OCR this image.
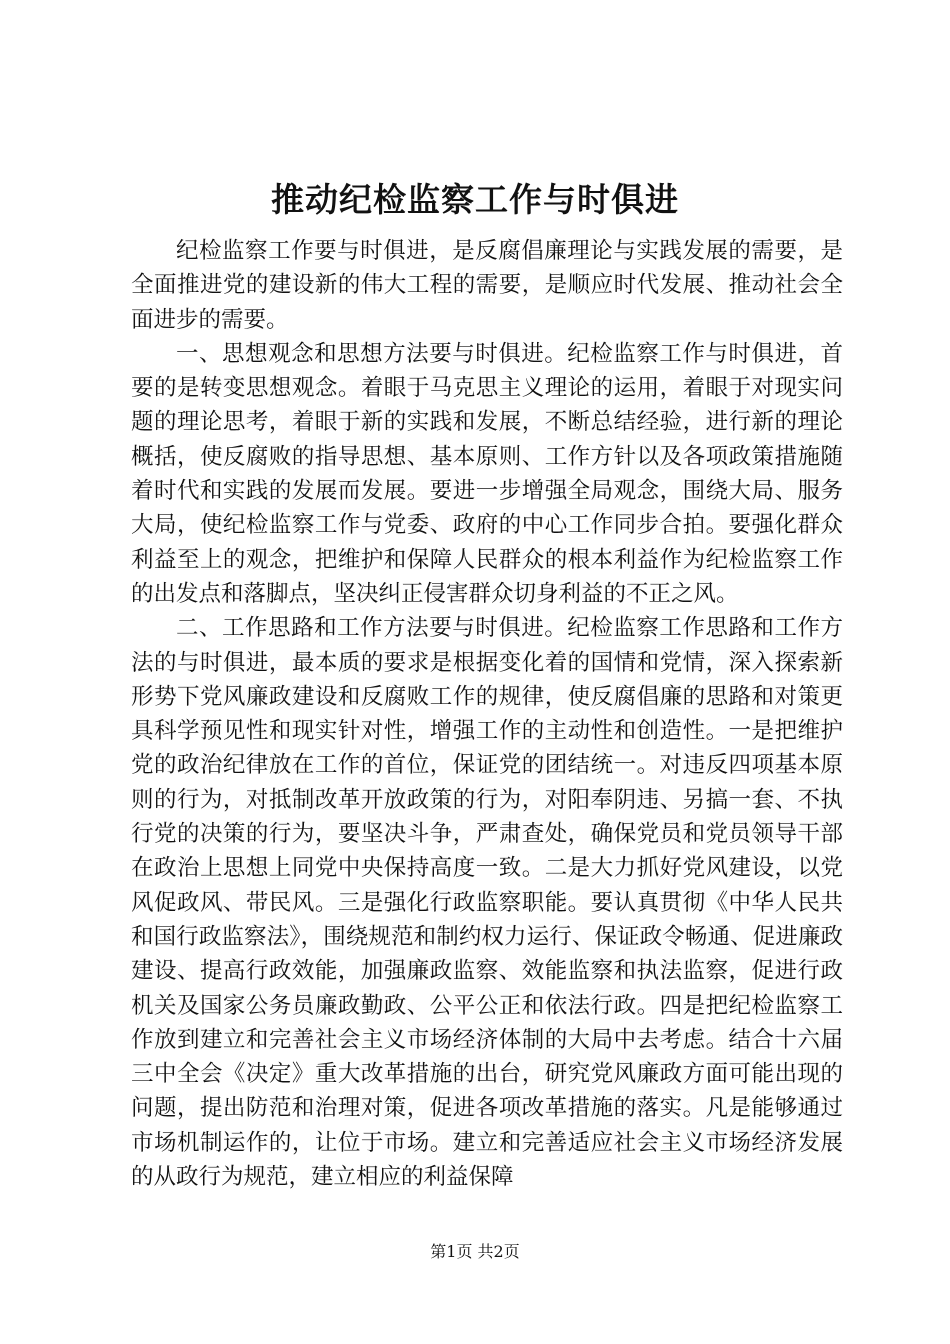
推动纪检监察工作与时俱进

纪检监察工作要与时俱进，是反腐倡廉理论与实践发展的需要，是全面推进党的建设新的伟大工程的需要，是顺应时代发展、推动社会全面进步的需要。

一、思想观念和思想方法要与时俱进。纪检监察工作与时俱进，首要的是转变思想观念。着眼于马克思主义理论的运用，着眼于对现实问题的理论思考，着眼于新的实践和发展，不断总结经验，进行新的理论概括，使反腐败的指导思想、基本原则、工作方针以及各项政策措施随着时代和实践的发展而发展。要进一步增强全局观念，围绕大局、服务大局，使纪检监察工作与党委、政府的中心工作同步合拍。要强化群众利益至上的观念，把维护和保障人民群众的根本利益作为纪检监察工作的出发点和落脚点，坚决纠正侵害群众切身利益的不正之风。

二、工作思路和工作方法要与时俱进。纪检监察工作思路和工作方法的与时俱进，最本质的要求是根据变化着的国情和党情，深入探索新形势下党风廉政建设和反腐败工作的规律，使反腐倡廉的思路和对策更具科学预见性和现实针对性，增强工作的主动性和创造性。一是把维护党的政治纪律放在工作的首位，保证党的团结统一。对违反四项基本原则的行为，对抵制改革开放政策的行为，对阳奉阴违、另搞一套、不执行党的决策的行为，要坚决斗争，严肃查处，确保党员和党员领导干部在政治上思想上同党中央保持高度一致。二是大力抓好党风建设，以党风促政风、带民风。三是强化行政监察职能。要认真贯彻《中华人民共和国行政监察法》，围绕规范和制约权力运行、保证政令畅通、促进廉政建设、提高行政效能，加强廉政监察、效能监察和执法监察，促进行政机关及国家公务员廉政勤政、公平公正和依法行政。四是把纪检监察工作放到建立和完善社会主义市场经济体制的大局中去考虑。结合十六届三中全会《决定》重大改革措施的出台，研究党风廉政方面可能出现的问题，提出防范和治理对策，促进各项改革措施的落实。凡是能够通过市场机制运作的，让位于市场。建立和完善适应社会主义市场经济发展的从政行为规范，建立相应的利益保障

第1页 共2页
